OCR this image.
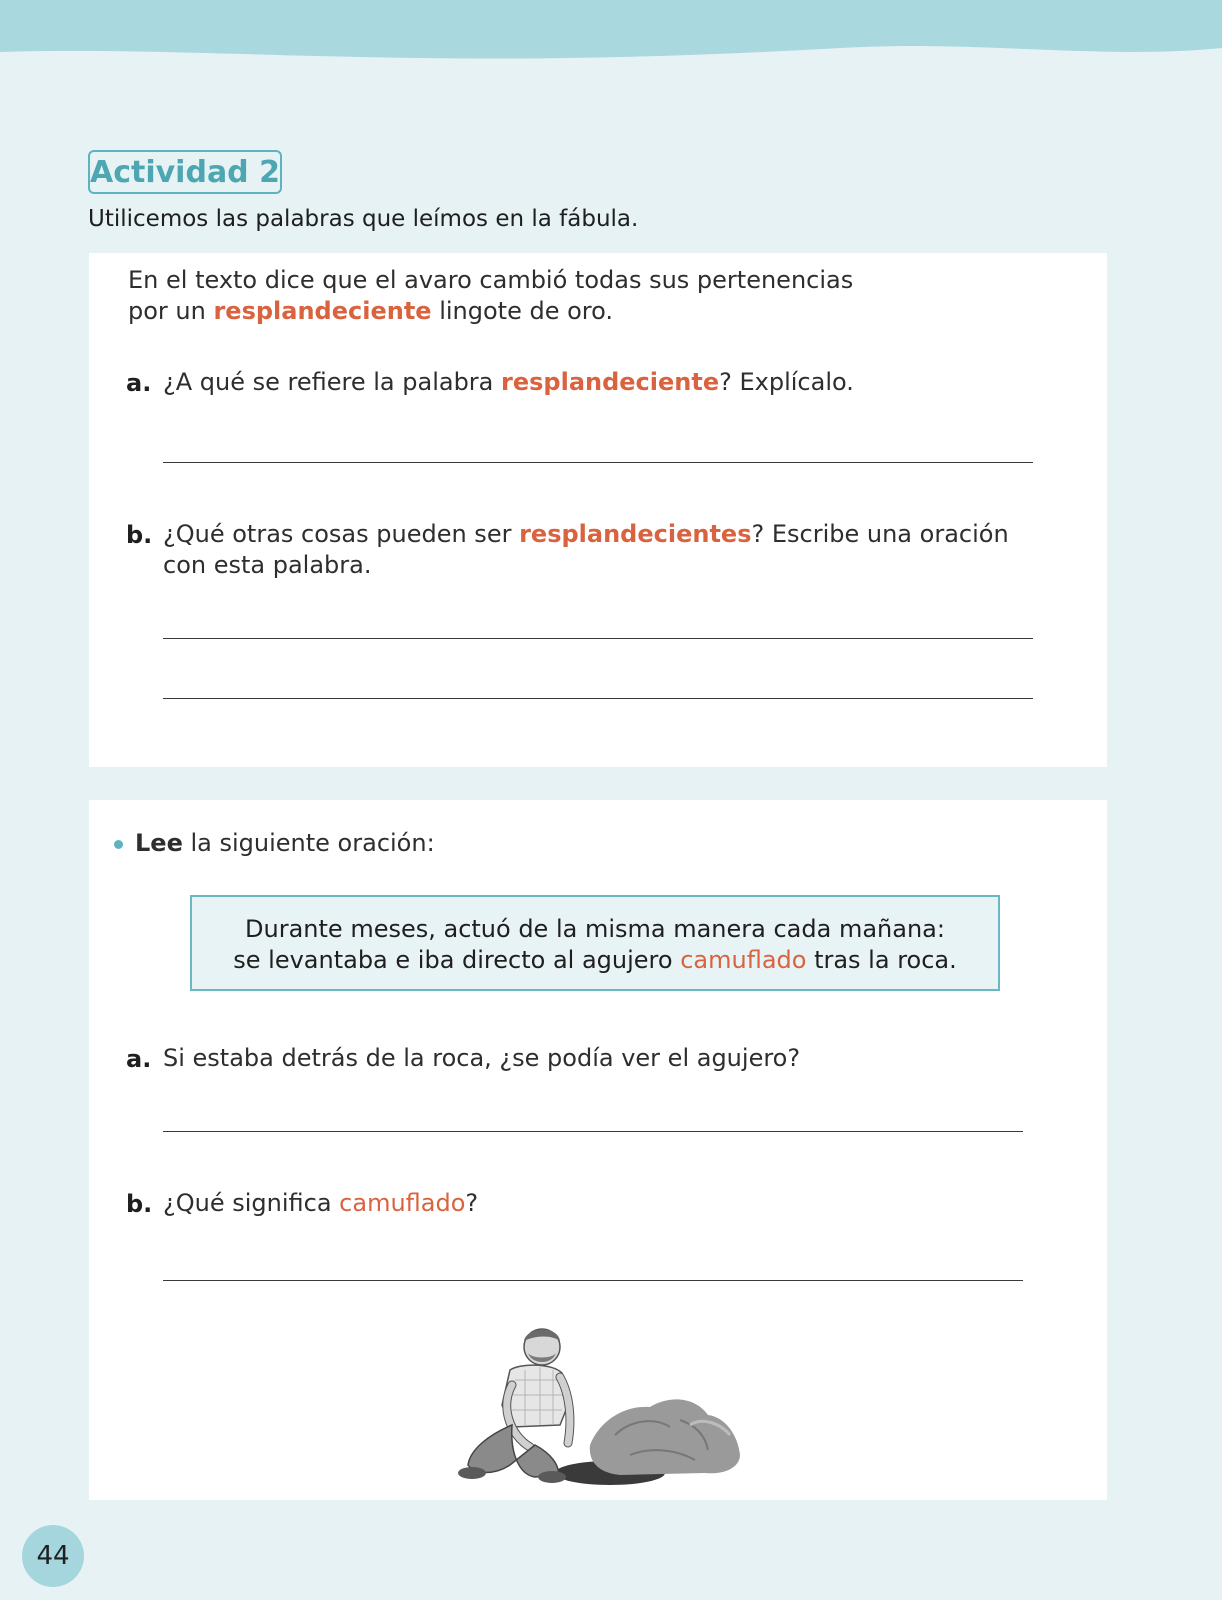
Actividad 2
Utilicemos las palabras que leímos en la fábula.
En el texto dice que el avaro cambió todas sus pertenencias
por un resplandeciente lingote de oro.
a. ¿A qué se refiere la palabra resplandeciente? Explícalo.
b. ¿Qué otras cosas pueden ser resplandecientes? Escribe una oración
con esta palabra.
Lee la siguiente oración:
Durante meses, actuó de la misma manera cada mañana:
se levantaba e iba directo al agujero camuflado tras la roca.
a. Si estaba detrás de la roca, ¿se podía ver el agujero?
b. ¿Qué significa camuflado?
44
